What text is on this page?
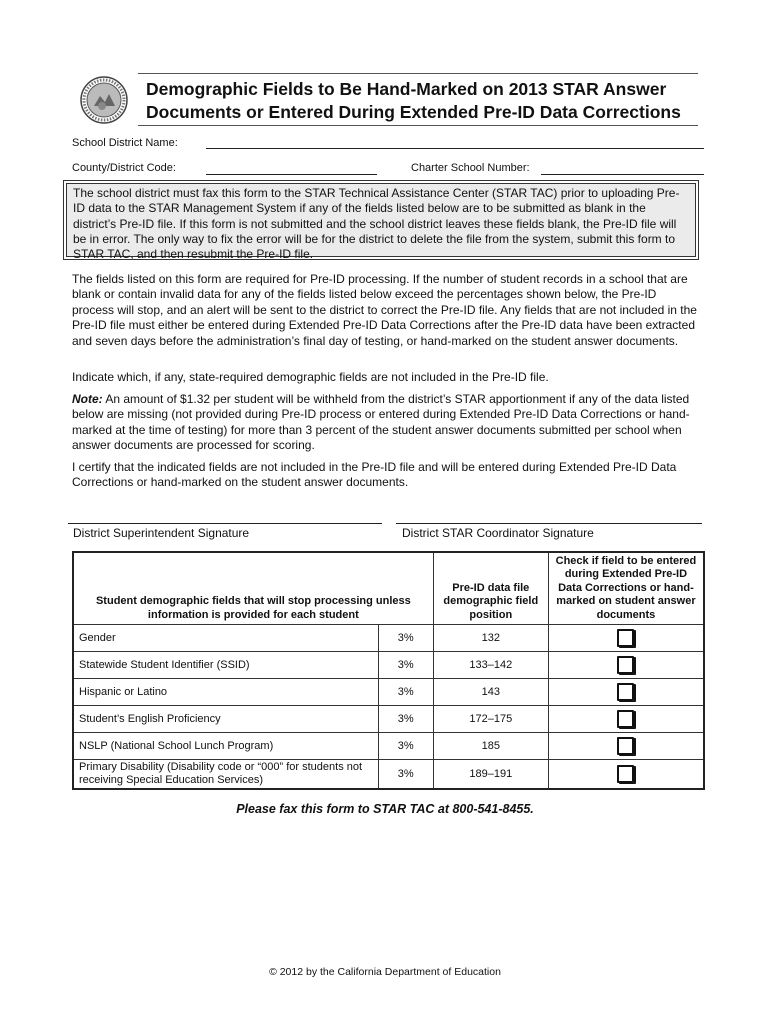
Demographic Fields to Be Hand-Marked on 2013 STAR Answer
Documents or Entered During Extended Pre-ID Data Corrections
School District Name:
County/District Code:	Charter School Number:
The school district must fax this form to the STAR Technical Assistance Center (STAR TAC) prior to uploading Pre-ID data to the STAR Management System if any of the fields listed below are to be submitted as blank in the district’s Pre-ID file. If this form is not submitted and the school district leaves these fields blank, the Pre-ID file will be in error. The only way to fix the error will be for the district to delete the file from the system, submit this form to STAR TAC, and then resubmit the Pre-ID file.

The fields listed on this form are required for Pre-ID processing. If the number of student records in a school that are blank or contain invalid data for any of the fields listed below exceed the percentages shown below, the Pre-ID process will stop, and an alert will be sent to the district to correct the Pre-ID file. Any fields that are not included in the Pre-ID file must either be entered during Extended Pre-ID Data Corrections after the Pre-ID data have been extracted and seven days before the administration’s final day of testing, or hand-marked on the student answer documents.

Indicate which, if any, state-required demographic fields are not included in the Pre-ID file.

Note: An amount of $1.32 per student will be withheld from the district’s STAR apportionment if any of the data listed below are missing (not provided during Pre-ID process or entered during Extended Pre-ID Data Corrections or hand-marked at the time of testing) for more than 3 percent of the student answer documents submitted per school when answer documents are processed for scoring.

I certify that the indicated fields are not included in the Pre-ID file and will be entered during Extended Pre-ID Data Corrections or hand-marked on the student answer documents.

District Superintendent Signature	District STAR Coordinator Signature
Student demographic fields that will stop processing unless information is provided for each student		Pre-ID data file demographic field position	Check if field to be entered during Extended Pre-ID Data Corrections or hand-marked on student answer documents
Gender	3%	132	
Statewide Student Identifier (SSID)	3%	133–142	
Hispanic or Latino	3%	143	
Student’s English Proficiency	3%	172–175	
NSLP (National School Lunch Program)	3%	185	
Primary Disability (Disability code or “000” for students not receiving Special Education Services)	3%	189–191	
Please fax this form to STAR TAC at 800-541-8455.
© 2012 by the California Department of Education
